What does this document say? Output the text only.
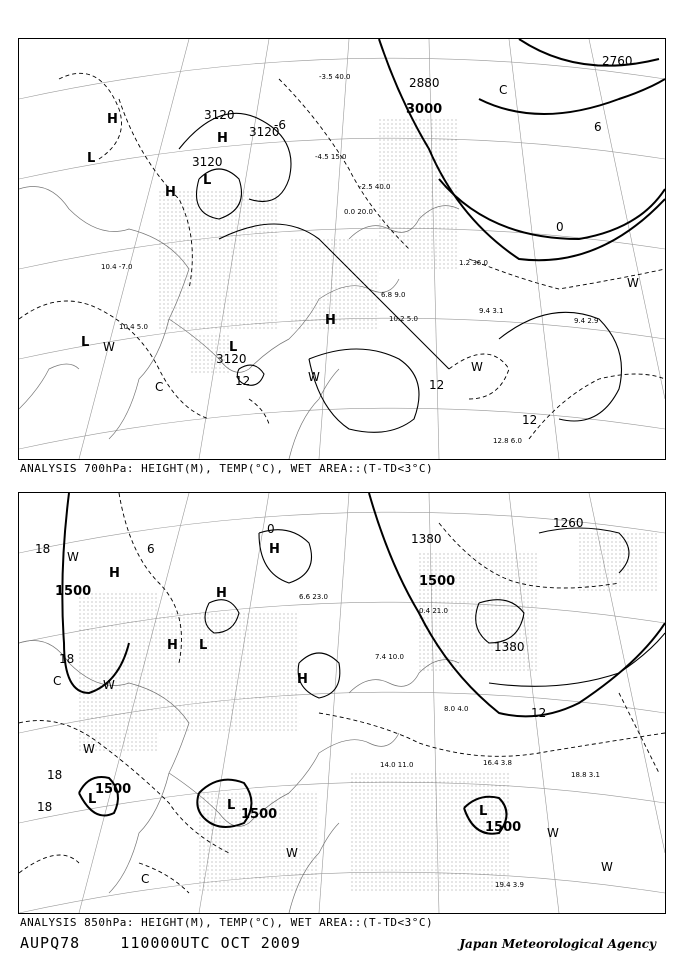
3120
3120
3120
3120
3000
2880
2760
-6
0
6
12	12
12
C
H
H
H
L
L
L	L
H
W
W
W
W
C
-3.5 40.0
-4.5 15.0
-2.5 40.0
0.0 20.0
10.2 5.0
6.8 9.0
9.4 3.1
9.4 2.9
10.4 -7.0
10.4 5.0
12.8 6.0
1.2 36.0
ANALYSIS 700hPa: HEIGHT(M), TEMP(°C), WET AREA::(T-TD<3°C)
1500
1500
1500
1500
1500
1380
1380
1260
18
18
18
18
12
6
0
C
C
H
H
H
H
H
L
L	L	L
W
W
W
W
W
W
16.4 3.8
18.8 3.1
19.4 3.9
14.0 11.0
7.4 10.0
8.0 4.0
0.4 21.0
6.6 23.0
ANALYSIS 850hPa: HEIGHT(M), TEMP(°C), WET AREA::(T-TD<3°C)
AUPQ78    110000UTC OCT 2009	Japan Meteorological Agency
